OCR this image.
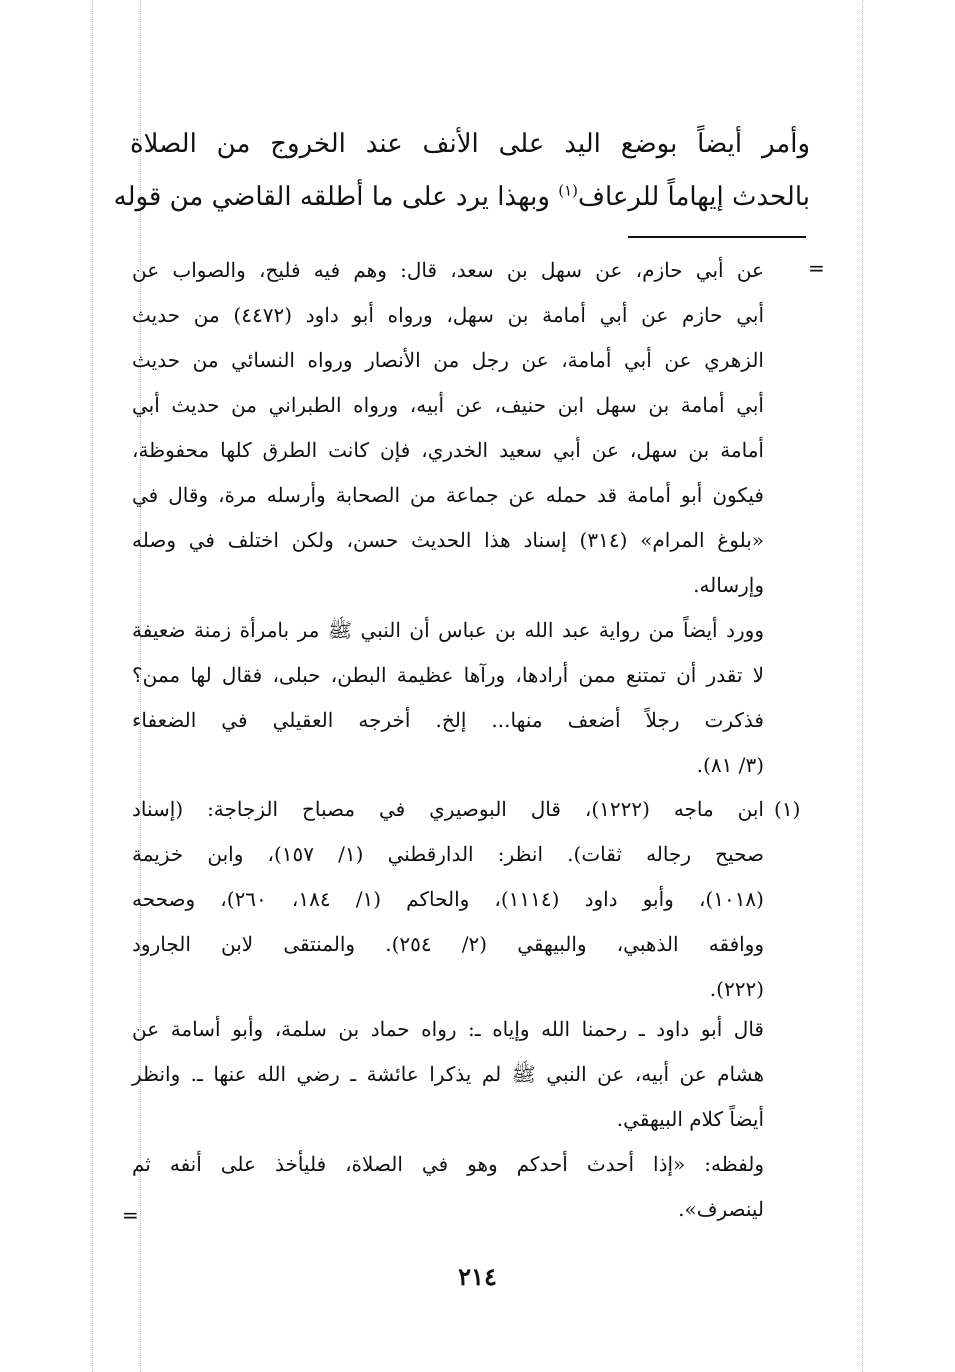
وأمر أيضاً بوضع اليد على الأنف عند الخروج من الصلاة
بالحدث إيهاماً للرعاف$^{(١)}$ وبهذا يرد على ما أطلقه القاضي من قوله
=
عن أبي حازم، عن سهل بن سعد، قال: وهم فيه فليح، والصواب عن
أبي حازم عن أبي أمامة بن سهل، ورواه أبو داود (٤٤٧٢) من حديث
الزهري عن أبي أمامة، عن رجل من الأنصار ورواه النسائي من حديث
أبي أمامة بن سهل ابن حنيف، عن أبيه، ورواه الطبراني من حديث أبي
أمامة بن سهل، عن أبي سعيد الخدري، فإن كانت الطرق كلها محفوظة،
فيكون أبو أمامة قد حمله عن جماعة من الصحابة وأرسله مرة، وقال في
«بلوغ المرام» (٣١٤) إسناد هذا الحديث حسن، ولكن اختلف في وصله
وإرساله.
وورد أيضاً من رواية عبد الله بن عباس أن النبي ﷺ مر بامرأة زمنة ضعيفة
لا تقدر أن تمتنع ممن أرادها، ورآها عظيمة البطن، حبلى، فقال لها ممن؟
فذكرت رجلاً أضعف منها... إلخ. أخرجه العقيلي في الضعفاء
(٣/ ٨١).
(١)
ابن ماجه (١٢٢٢)، قال البوصيري في مصباح الزجاجة: (إسناد
صحيح رجاله ثقات). انظر: الدارقطني (١/ ١٥٧)، وابن خزيمة
(١٠١٨)، وأبو داود (١١١٤)، والحاكم (١/ ١٨٤، ٢٦٠)، وصححه
ووافقه الذهبي، والبيهقي (٢/ ٢٥٤). والمنتقى لابن الجارود
(٢٢٢).
قال أبو داود ـ رحمنا الله وإياه ـ: رواه حماد بن سلمة، وأبو أسامة عن
هشام عن أبيه، عن النبي ﷺ لم يذكرا عائشة ـ رضي الله عنها ـ. وانظر
أيضاً كلام البيهقي.
ولفظه: «إذا أحدث أحدكم وهو في الصلاة، فليأخذ على أنفه ثم
لينصرف».
=
٢١٤
